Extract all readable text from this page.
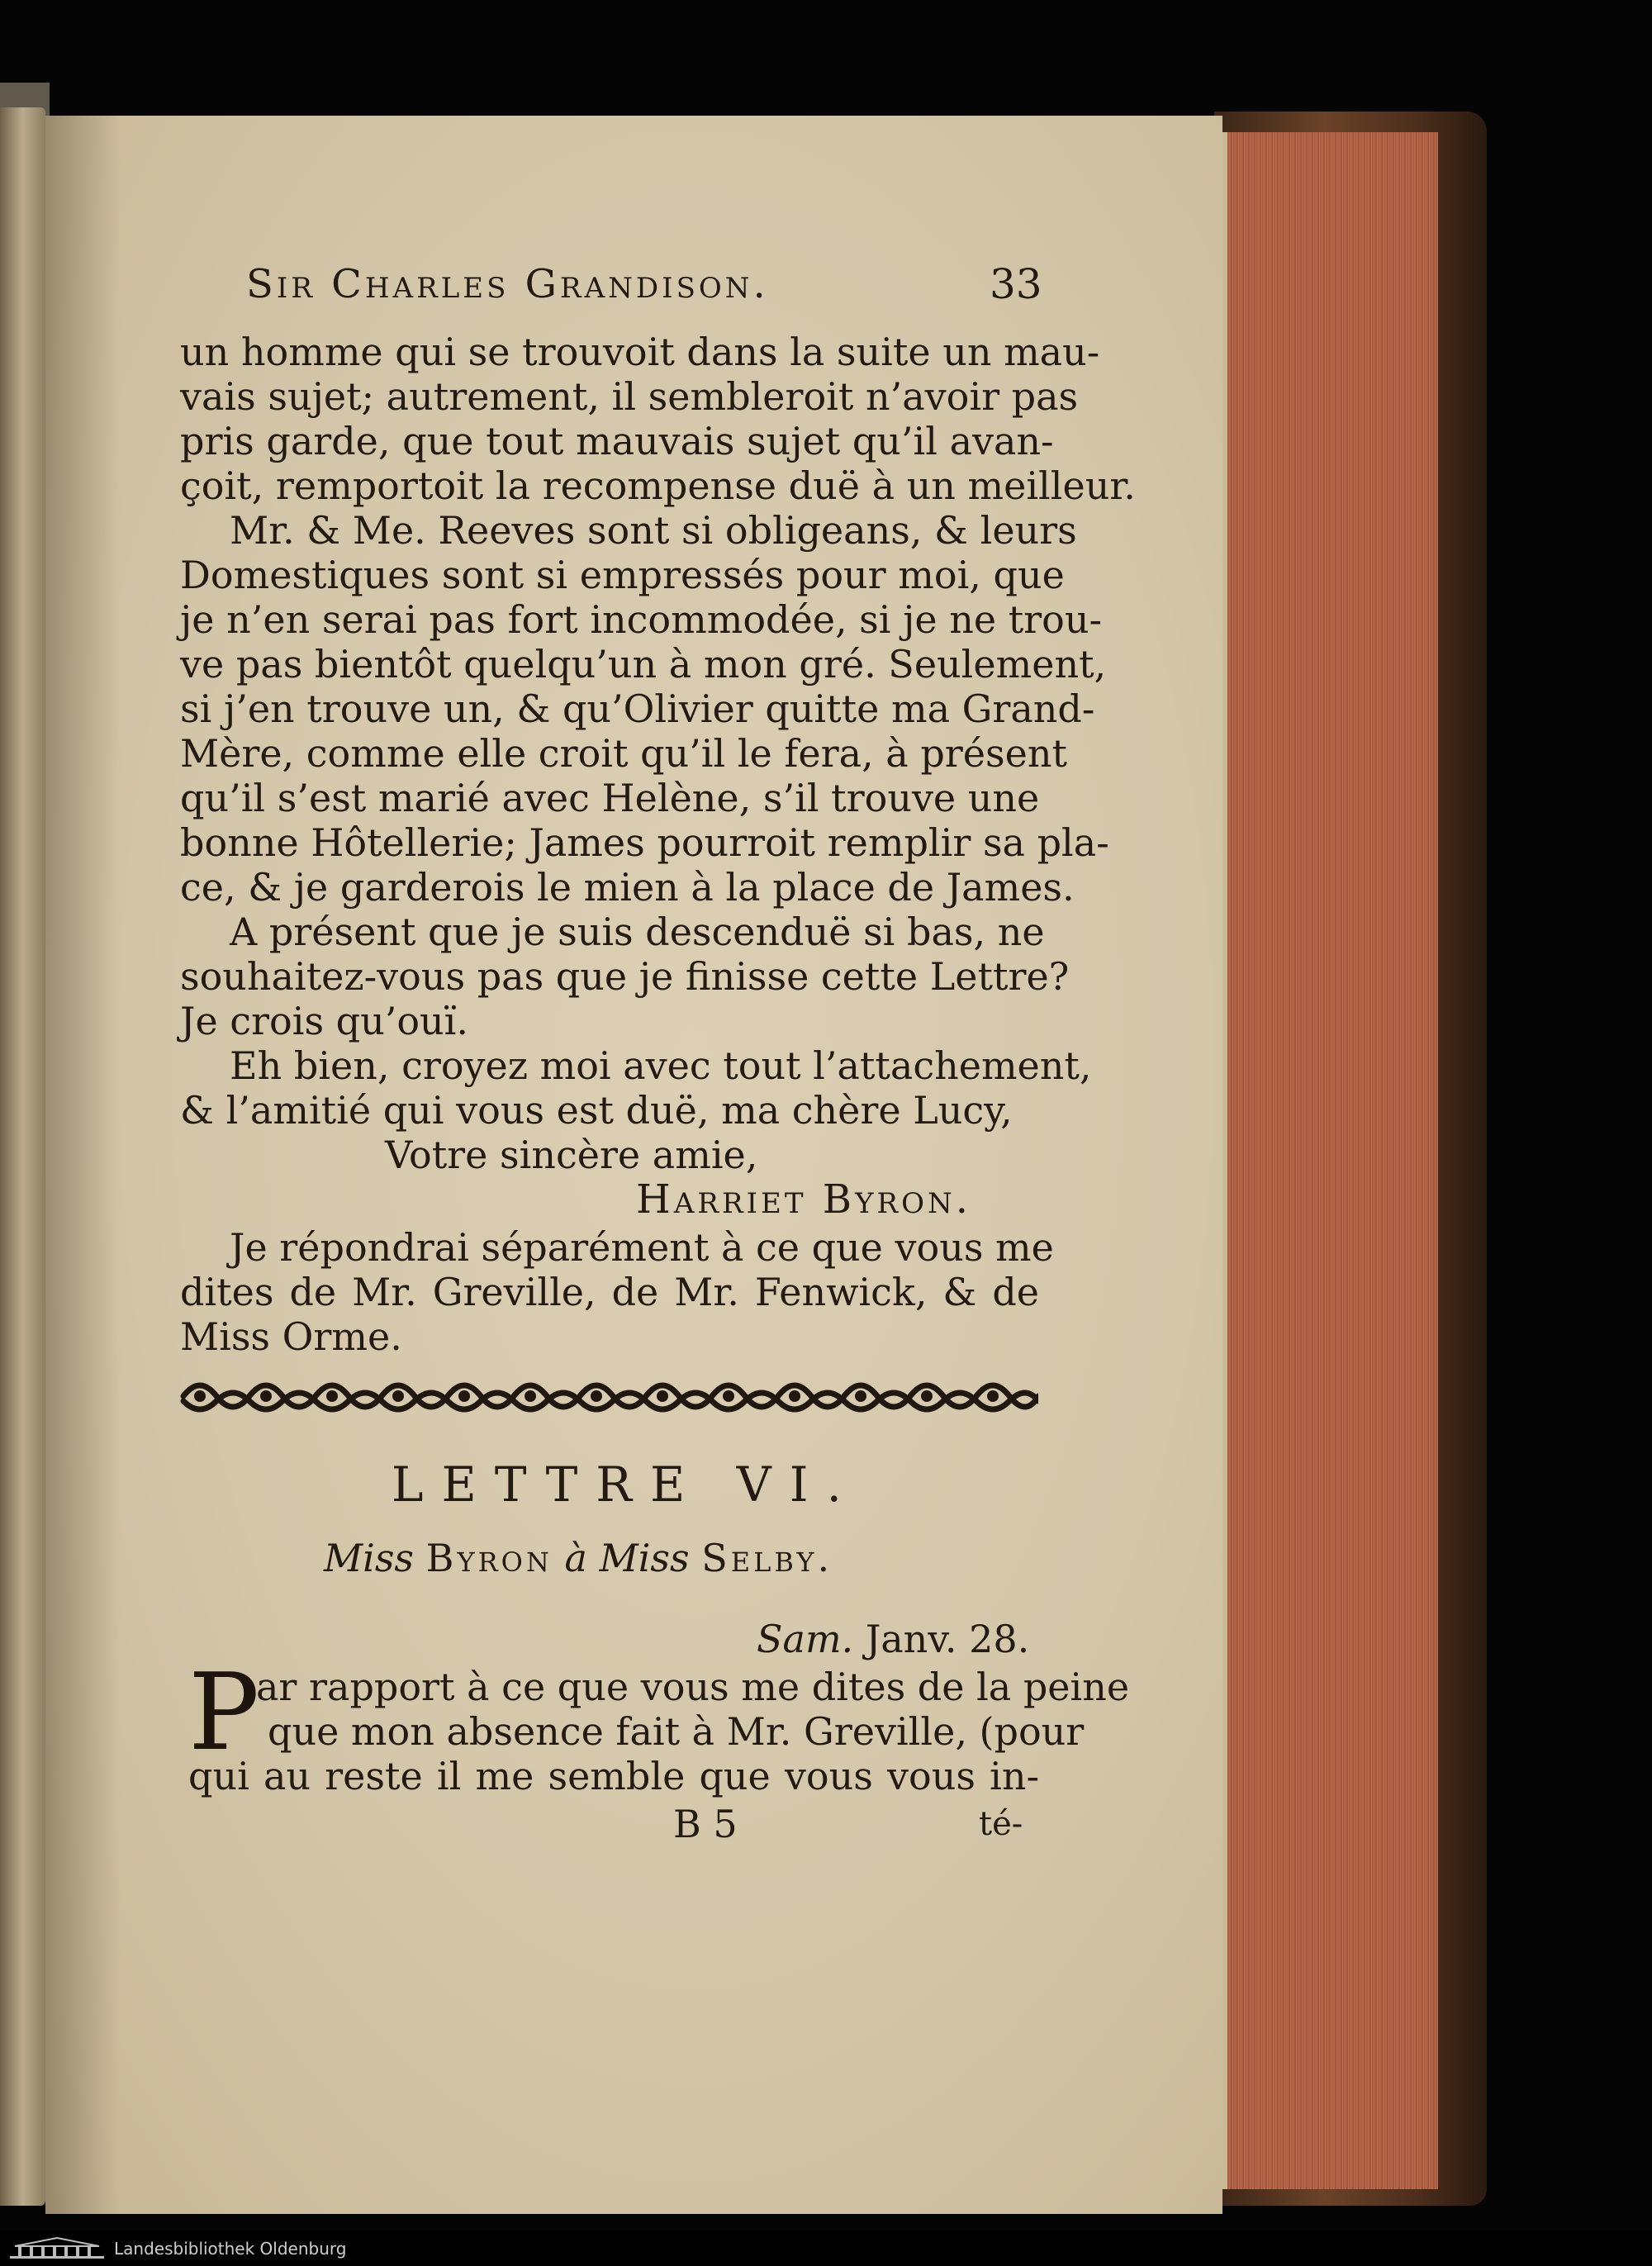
Sir Charles Grandison.	33
un homme qui se trouvoit dans la suite un mau-
vais sujet; autrement, il sembleroit n’avoir pas
pris garde, que tout mauvais sujet qu’il avan-
çoit, remportoit la recompense duë à un meilleur.
Mr. & Me. Reeves sont si obligeans, & leurs
Domestiques sont si empressés pour moi, que
je n’en serai pas fort incommodée, si je ne trou-
ve pas bientôt quelqu’un à mon gré. Seulement,
si j’en trouve un, & qu’Olivier quitte ma Grand-
Mère, comme elle croit qu’il le fera, à présent
qu’il s’est marié avec Helène, s’il trouve une
bonne Hôtellerie; James pourroit remplir sa pla-
ce, & je garderois le mien à la place de James.
A présent que je suis descenduë si bas, ne
souhaitez-vous pas que je finisse cette Lettre?
Je crois qu’ouï.
Eh bien, croyez moi avec tout l’attachement,
& l’amitié qui vous est duë, ma chère Lucy,
Votre sincère amie,
Harriet Byron.
Je répondrai séparément à ce que vous me
dites de Mr. Greville, de Mr. Fenwick, & de
Miss Orme.
LETTRE VI.
Miss Byron à Miss Selby.
Sam. Janv. 28.
P
ar rapport à ce que vous me dites de la peine
que mon absence fait à Mr. Greville, (pour
qui au reste il me semble que vous vous in-
B 5	té-
Landesbibliothek Oldenburg
